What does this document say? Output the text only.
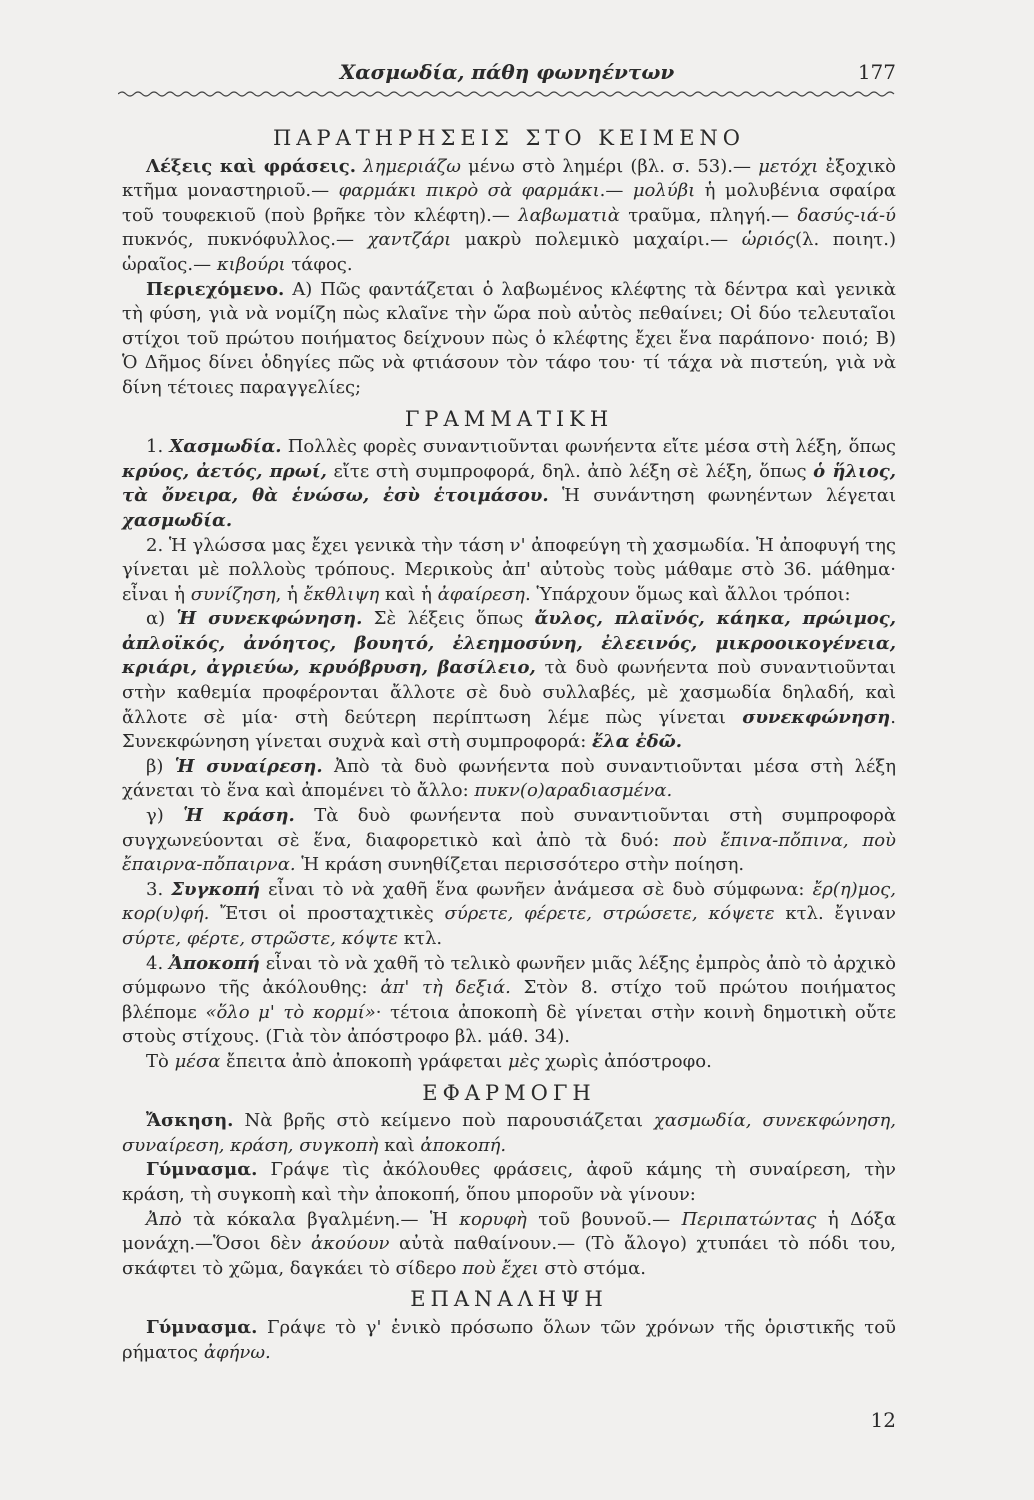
Χασμωδία, πάθη φωνηέντων	177
ΠΑΡΑΤΗΡΗΣΕΙΣ ΣΤΟ ΚΕΙΜΕΝΟ

Λέξεις καὶ φράσεις. λημεριάζω μένω στὸ λημέρι (βλ. σ. 53).— μετόχι ἐξοχικὸ κτῆμα μοναστηριοῦ.— φαρμάκι πικρὸ σὰ φαρμάκι.— μολύβι ἡ μολυβένια σφαίρα τοῦ τουφεκιοῦ (ποὺ βρῆκε τὸν κλέφτη).— λαβωματιὰ τραῦμα, πληγή.— δασύς-ιά-ύ πυκνός, πυκνόφυλλος.— χαντζάρι μακρὺ πολεμικὸ μαχαίρι.— ὡριός(λ. ποιητ.) ὡραῖος.— κιβούρι τάφος.

Περιεχόμενο. Α) Πῶς φαντάζεται ὁ λαβωμένος κλέφτης τὰ δέντρα καὶ γενικὰ τὴ φύση, γιὰ νὰ νομίζη πὼς κλαῖνε τὴν ὥρα ποὺ αὐτὸς πεθαίνει; Οἱ δύο τελευταῖοι στίχοι τοῦ πρώτου ποιήματος δείχνουν πὼς ὁ κλέφτης ἔχει ἕνα παράπονο· ποιό; Β) Ὁ Δῆμος δίνει ὁδηγίες πῶς νὰ φτιάσουν τὸν τάφο του· τί τάχα νὰ πιστεύη, γιὰ νὰ δίνη τέτοιες παραγγελίες;

ΓΡΑΜΜΑΤΙΚΗ

1. Χασμωδία. Πολλὲς φορὲς συναντιοῦνται φωνήεντα εἴτε μέσα στὴ λέξη, ὅπως κρύος, ἀετός, πρωί, εἴτε στὴ συμπροφορά, δηλ. ἀπὸ λέξη σὲ λέξη, ὅπως ὁ ἥλιος, τὰ ὄνειρα, θὰ ἑνώσω, ἐσὺ ἑτοιμάσου. Ἡ συνάντηση φωνηέντων λέγεται χασμωδία.

2. Ἡ γλώσσα μας ἔχει γενικὰ τὴν τάση ν' ἀποφεύγη τὴ χασμωδία. Ἡ ἀποφυγή της γίνεται μὲ πολλοὺς τρόπους. Μερικοὺς ἀπ' αὐτοὺς τοὺς μάθαμε στὸ 36. μάθημα· εἶναι ἡ συνίζηση, ἡ ἔκθλιψη καὶ ἡ ἀφαίρεση. Ὑπάρχουν ὅμως καὶ ἄλλοι τρόποι:

α) Ἡ συνεκφώνηση. Σὲ λέξεις ὅπως ἄυλος, πλαϊνός, κάηκα, πρώιμος, ἀπλοϊκός, ἀνόητος, βουητό, ἐλεημοσύνη, ἐλεεινός, μικροοικογένεια, κριάρι, ἀγριεύω, κρυόβρυση, βασίλειο, τὰ δυὸ φωνήεντα ποὺ συναντιοῦνται στὴν καθεμία προφέρονται ἄλλοτε σὲ δυὸ συλλαβές, μὲ χασμωδία δηλαδή, καὶ ἄλλοτε σὲ μία· στὴ δεύτερη περίπτωση λέμε πὼς γίνεται συνεκφώνηση. Συνεκφώνηση γίνεται συχνὰ καὶ στὴ συμπροφορά: ἔλα ἐδῶ.

β) Ἡ συναίρεση. Ἀπὸ τὰ δυὸ φωνήεντα ποὺ συναντιοῦνται μέσα στὴ λέξη χάνεται τὸ ἕνα καὶ ἀπομένει τὸ ἄλλο: πυκν(ο)αραδιασμένα.

γ) Ἡ κράση. Τὰ δυὸ φωνήεντα ποὺ συναντιοῦνται στὴ συμπροφορὰ συγχωνεύονται σὲ ἕνα, διαφορετικὸ καὶ ἀπὸ τὰ δυό: ποὺ ἔπινα-πὄπινα, ποὺ ἔπαιρνα-πὄπαιρνα. Ἡ κράση συνηθίζεται περισσότερο στὴν ποίηση.

3. Συγκοπή εἶναι τὸ νὰ χαθῆ ἕνα φωνῆεν ἀνάμεσα σὲ δυὸ σύμφωνα: ἔρ(η)μος, κορ(υ)φή. Ἔτσι οἱ προσταχτικὲς σύρετε, φέρετε, στρώσετε, κόψετε κτλ. ἔγιναν σύρτε, φέρτε, στρῶστε, κόψτε κτλ.

4. Ἀποκοπή εἶναι τὸ νὰ χαθῆ τὸ τελικὸ φωνῆεν μιᾶς λέξης ἐμπρὸς ἀπὸ τὸ ἀρχικὸ σύμφωνο τῆς ἀκόλουθης: ἀπ' τὴ δεξιά. Στὸν 8. στίχο τοῦ πρώτου ποιήματος βλέπομε «ὅλο μ' τὸ κορμί»· τέτοια ἀποκοπὴ δὲ γίνεται στὴν κοινὴ δημοτικὴ οὔτε στοὺς στίχους. (Γιὰ τὸν ἀπόστροφο βλ. μάθ. 34).

Τὸ μέσα ἔπειτα ἀπὸ ἀποκοπὴ γράφεται μὲς χωρὶς ἀπόστροφο.

ΕΦΑΡΜΟΓΗ

Ἄσκηση. Νὰ βρῆς στὸ κείμενο ποὺ παρουσιάζεται χασμωδία, συνεκφώνηση, συναίρεση, κράση, συγκοπὴ καὶ ἀποκοπή.

Γύμνασμα. Γράψε τὶς ἀκόλουθες φράσεις, ἀφοῦ κάμης τὴ συναίρεση, τὴν κράση, τὴ συγκοπὴ καὶ τὴν ἀποκοπή, ὅπου μποροῦν νὰ γίνουν:

Ἀπὸ τὰ κόκαλα βγαλμένη.— Ἡ κορυφὴ τοῦ βουνοῦ.— Περιπατώντας ἡ Δόξα μονάχη.—Ὅσοι δὲν ἀκούουν αὐτὰ παθαίνουν.— (Τὸ ἄλογο) χτυπάει τὸ πόδι του, σκάφτει τὸ χῶμα, δαγκάει τὸ σίδερο ποὺ ἔχει στὸ στόμα.

ΕΠΑΝΑΛΗΨΗ

Γύμνασμα. Γράψε τὸ γ' ἑνικὸ πρόσωπο ὅλων τῶν χρόνων τῆς ὁριστικῆς τοῦ ρήματος ἀφήνω.

12
